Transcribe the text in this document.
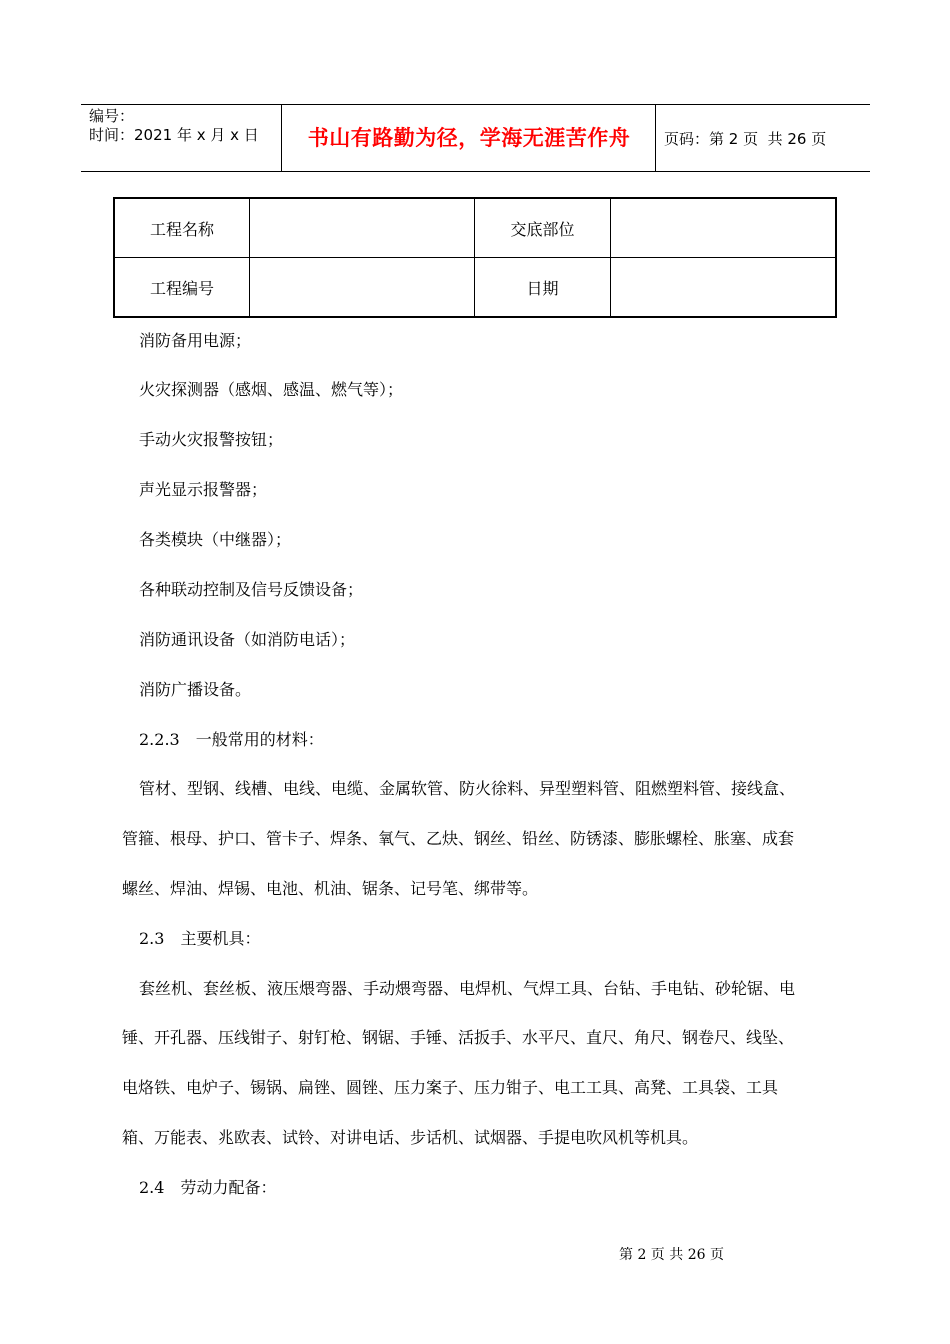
编号：
时间：2021 年 x 月 x 日	书山有路勤为径，学海无涯苦作舟	页码：第 2 页  共 26 页
工程名称		交底部位	
工程编号		日期	
消防备用电源；
火灾探测器（感烟、感温、燃气等）；
手动火灾报警按钮；
声光显示报警器；
各类模块（中继器）；
各种联动控制及信号反馈设备；
消防通讯设备（如消防电话）；
消防广播设备。
2.2.3　一般常用的材料：
管材、型钢、线槽、电线、电缆、金属软管、防火徐料、异型塑料管、阻燃塑料管、接线盒、
管箍、根母、护口、管卡子、焊条、氧气、乙炔、钢丝、铅丝、防锈漆、膨胀螺栓、胀塞、成套
螺丝、焊油、焊锡、电池、机油、锯条、记号笔、绑带等。
2.3　主要机具：
套丝机、套丝板、液压煨弯器、手动煨弯器、电焊机、气焊工具、台钻、手电钻、砂轮锯、电
锤、开孔器、压线钳子、射钉枪、钢锯、手锤、活扳手、水平尺、直尺、角尺、钢卷尺、线坠、
电烙铁、电炉子、锡锅、扁锉、圆锉、压力案子、压力钳子、电工工具、高凳、工具袋、工具
箱、万能表、兆欧表、试铃、对讲电话、步话机、试烟器、手提电吹风机等机具。
2.4　劳动力配备：
第 2 页 共 26 页
